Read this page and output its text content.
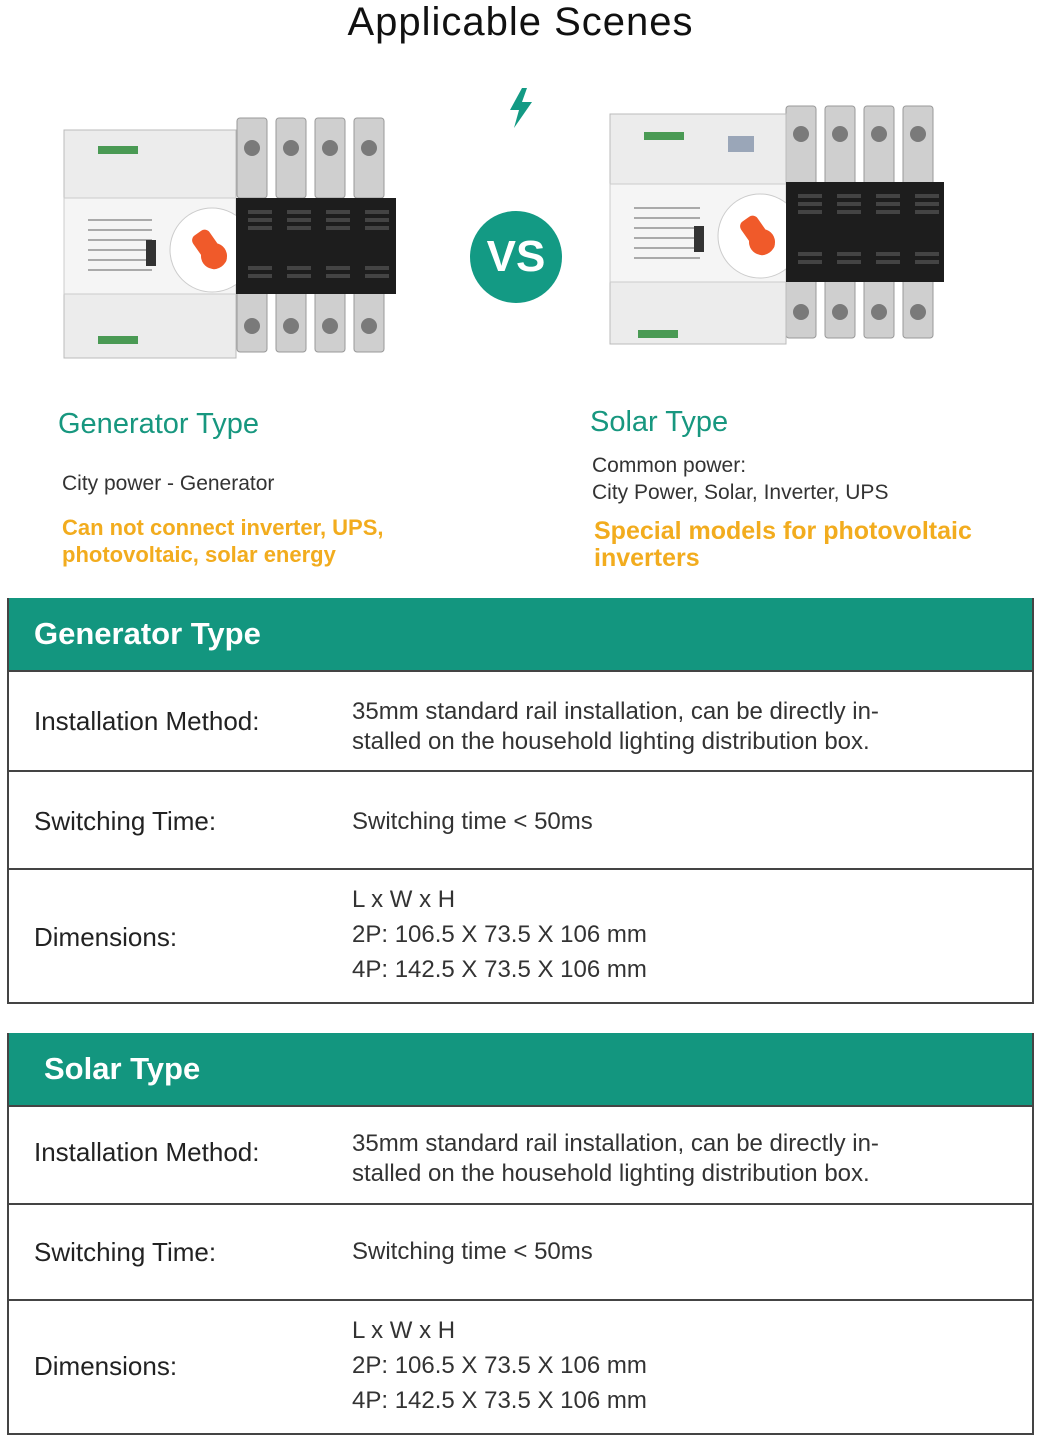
Applicable Scenes
VS
Generator Type
City power - Generator
Can not connect inverter, UPS,
photovoltaic, solar energy
Solar Type
Common power:
City Power, Solar, Inverter, UPS
Special models for photovoltaic
inverters
Generator Type
Installation Method:	35mm standard rail installation, can be directly in-
stalled on the household lighting distribution box.
Switching Time:	Switching time < 50ms
Dimensions:
L x W x H
2P: 106.5 X 73.5 X 106 mm
4P: 142.5 X 73.5 X 106 mm
Solar Type
Installation Method:	35mm standard rail installation, can be directly in-
stalled on the household lighting distribution box.
Switching Time:	Switching time < 50ms
Dimensions:
L x W x H
2P: 106.5 X 73.5 X 106 mm
4P: 142.5 X 73.5 X 106 mm
